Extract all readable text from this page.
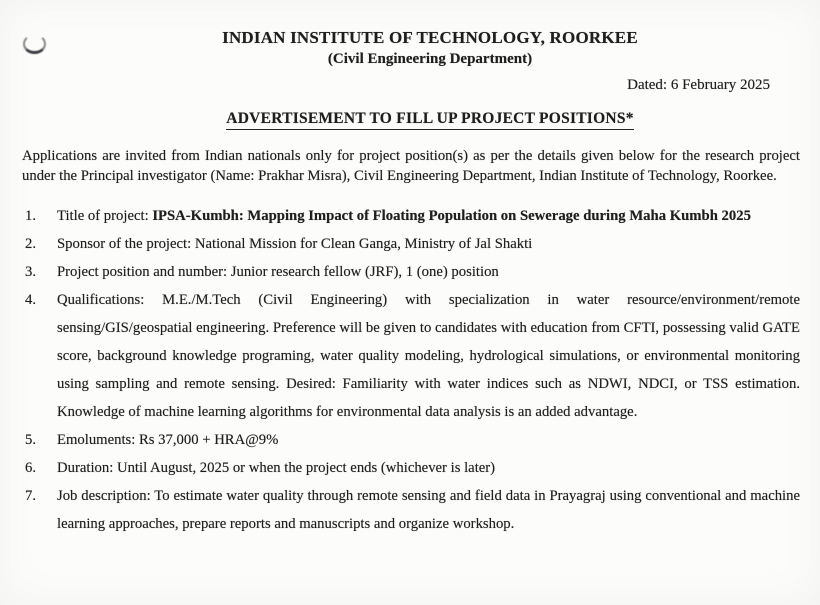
INDIAN INSTITUTE OF TECHNOLOGY, ROORKEE
(Civil Engineering Department)
Dated: 6 February 2025
ADVERTISEMENT TO FILL UP PROJECT POSITIONS*
Applications are invited from Indian nationals only for project position(s) as per the details given below for the research project under the Principal investigator (Name: Prakhar Misra), Civil Engineering Department, Indian Institute of Technology, Roorkee.
1.	Title of project: IPSA-Kumbh: Mapping Impact of Floating Population on Sewerage during Maha Kumbh 2025
2.	Sponsor of the project: National Mission for Clean Ganga, Ministry of Jal Shakti
3.	Project position and number: Junior research fellow (JRF), 1 (one) position
4.	Qualifications: M.E./M.Tech (Civil Engineering) with specialization in water resource/environment/remote sensing/GIS/geospatial engineering. Preference will be given to candidates with education from CFTI, possessing valid GATE score, background knowledge programing, water quality modeling, hydrological simulations, or environmental monitoring using sampling and remote sensing. Desired: Familiarity with water indices such as NDWI, NDCI, or TSS estimation. Knowledge of machine learning algorithms for environmental data analysis is an added advantage.
5.	Emoluments: Rs 37,000 + HRA@9%
6.	Duration: Until August, 2025 or when the project ends (whichever is later)
7.	Job description: To estimate water quality through remote sensing and field data in Prayagraj using conventional and machine learning approaches, prepare reports and manuscripts and organize workshop.
